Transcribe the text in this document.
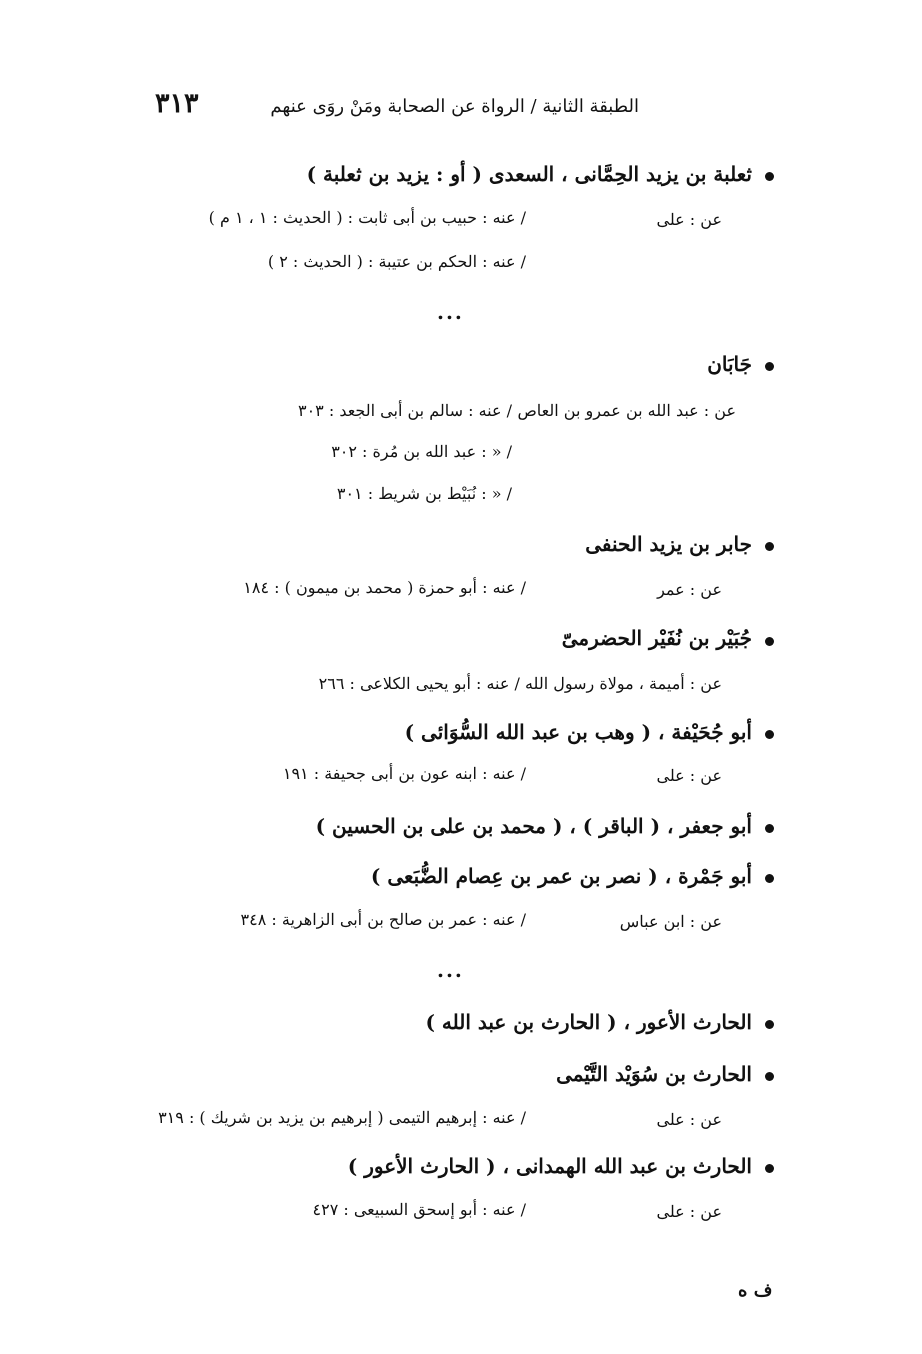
٣١٣	الطبقة الثانية / الرواة عن الصحابة ومَنْ روَى عنهم
ثعلبة بن يزيد الحِمَّانى ، السعدى ( أو : يزيد بن ثعلبة )
عن : على
/ عنه : حبيب بن أبى ثابت : ( الحديث : ١ ، ١ م )
/ عنه : الحكم بن عتيبة : ( الحديث : ٢ )
...
جَابَان
عن : عبد الله بن عمرو بن العاص
/ عنه : سالم بن أبى الجعد : ٣٠٣
/ « : عبد الله بن مُرة : ٣٠٢
/ « : نُبَيْط بن شريط : ٣٠١
جابر بن يزيد الحنفى
عن : عمر
/ عنه : أبو حمزة ( محمد بن ميمون ) : ١٨٤
جُبَيْر بن نُفَيْر الحضرمىّ
عن : أميمة ، مولاة رسول الله / عنه : أبو يحيى الكلاعى : ٢٦٦
أبو جُحَيْفة ، ( وهب بن عبد الله السُّوَائى )
عن : على
/ عنه : ابنه عون بن أبى جحيفة : ١٩١
أبو جعفر ، ( الباقر ) ، ( محمد بن على بن الحسين )
أبو جَمْرة ، ( نصر بن عمر بن عِصام الضُّبَعى )
عن : ابن عباس
/ عنه : عمر بن صالح بن أبى الزاهرية : ٣٤٨
...
الحارث الأعور ، ( الحارث بن عبد الله )
الحارث بن سُوَيْد التَّيْمى
عن : على
/ عنه : إبرهيم التيمى ( إبرهيم بن يزيد بن شريك ) : ٣١٩
الحارث بن عبد الله الهمدانى ، ( الحارث الأعور )
عن : على
/ عنه : أبو إسحق السبيعى : ٤٢٧
ف ه
